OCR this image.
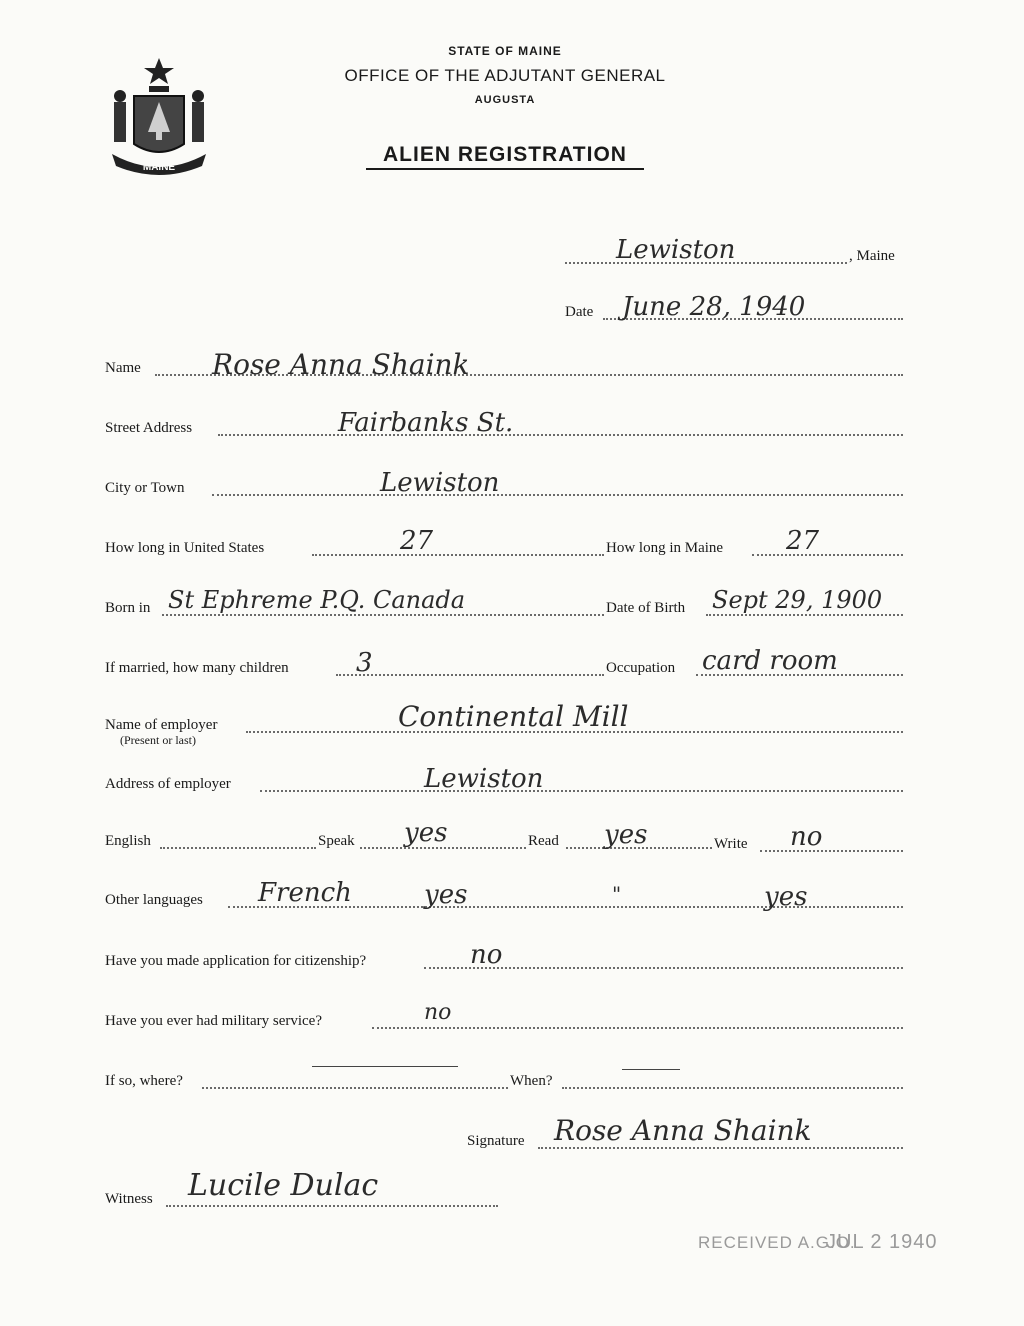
STATE OF MAINE
OFFICE OF THE ADJUTANT GENERAL
AUGUSTA
ALIEN REGISTRATION
MAINE
Lewiston	, Maine
Date June 28, 1940
Name	Rose Anna Shaink
Street Address	Fairbanks St.
City or Town	Lewiston
How long in United States	27	How long in Maine 27
Born in St Ephreme P.Q. Canada	Date of Birth Sept 29, 1900
If married, how many children	3	Occupation card room
Name of employer
(Present or last)
Continental Mill
Address of employer	Lewiston
English	Speak yes	Read yes	Write no
Other languages French	yes	"	yes
Have you made application for citizenship?	no
Have you ever had military service?	no
If so, where?	When?
Signature Rose Anna Shaink
Witness Lucile Dulac
RECEIVED A.G.O.
JUL 2 1940
